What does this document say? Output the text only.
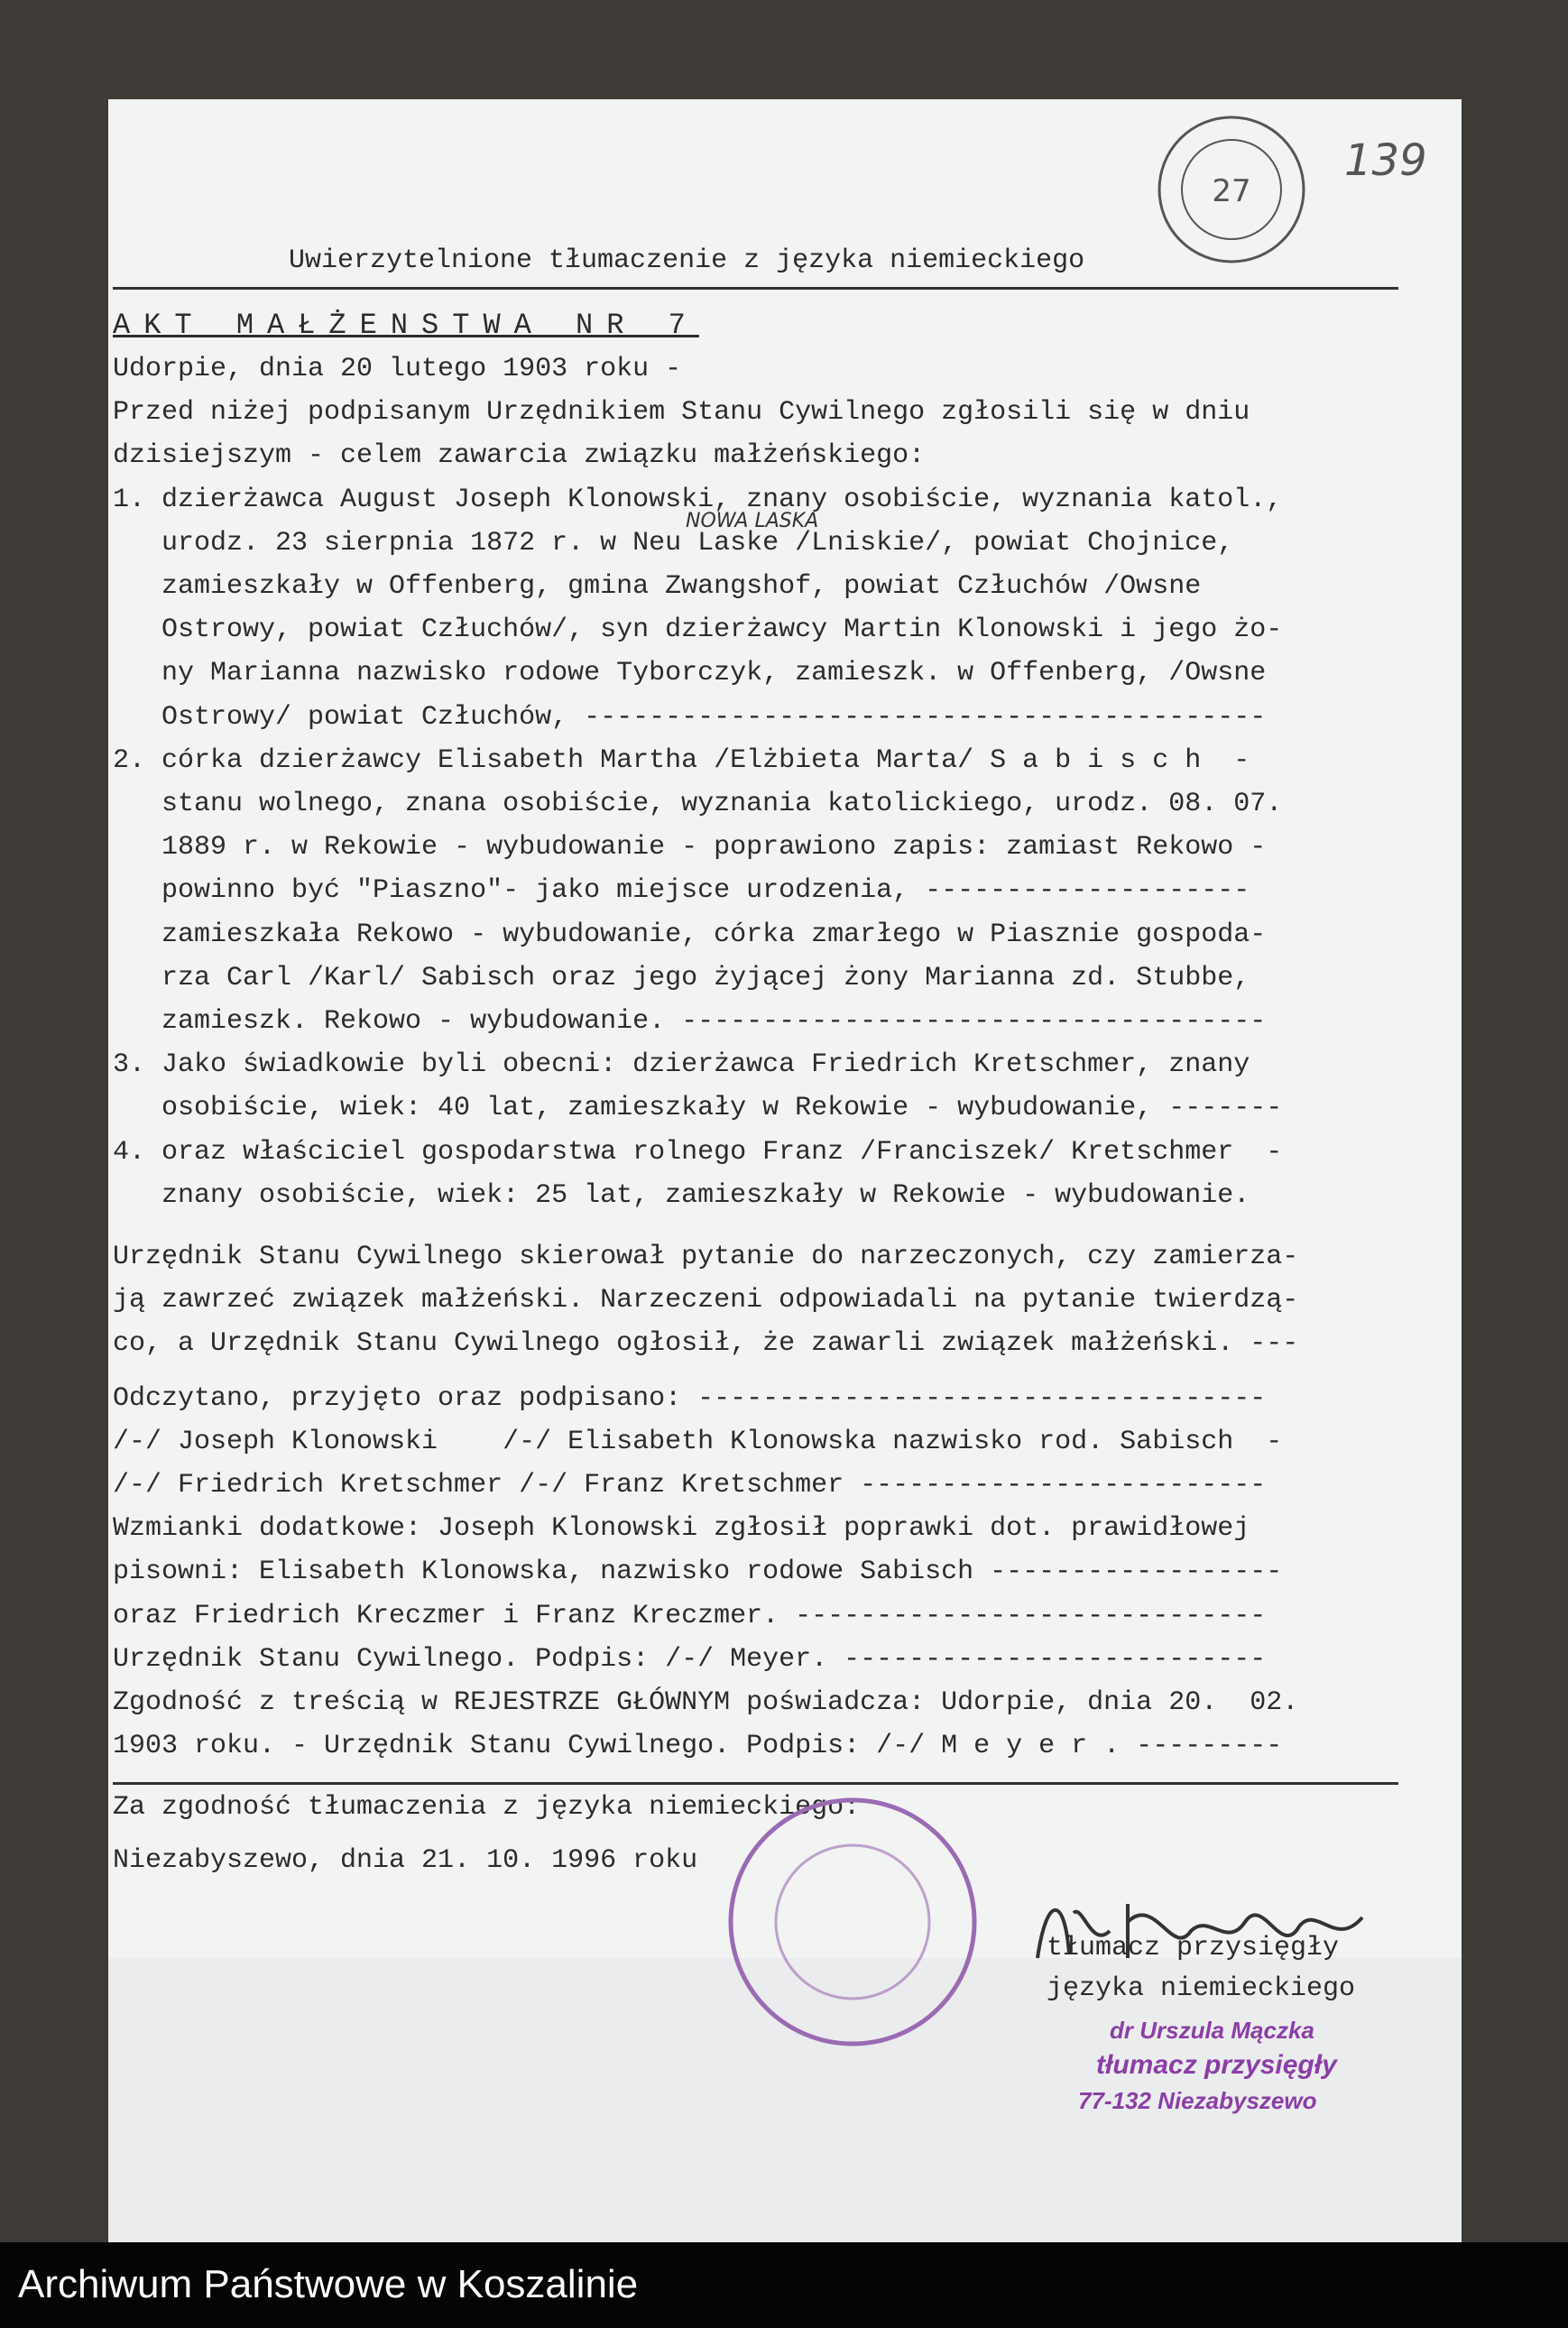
27
139
Uwierzytelnione tłumaczenie z języka niemieckiego
AKT MAŁŻENSTWA NR 7
Udorpie, dnia 20 lutego 1903 roku -
Przed niżej podpisanym Urzędnikiem Stanu Cywilnego zgłosili się w dniu
dzisiejszym - celem zawarcia związku małżeńskiego:
1. dzierżawca August Joseph Klonowski, znany osobiście, wyznania katol.,
urodz. 23 sierpnia 1872 r. w Neu Laske /Lniskie/, powiat Chojnice,
zamieszkały w Offenberg, gmina Zwangshof, powiat Człuchów /Owsne
Ostrowy, powiat Człuchów/, syn dzierżawcy Martin Klonowski i jego żo-
ny Marianna nazwisko rodowe Tyborczyk, zamieszk. w Offenberg, /Owsne
Ostrowy/ powiat Człuchów, ------------------------------------------
2. córka dzierżawcy Elisabeth Martha /Elżbieta Marta/ S a b i s c h  -
stanu wolnego, znana osobiście, wyznania katolickiego, urodz. 08. 07.
1889 r. w Rekowie - wybudowanie - poprawiono zapis: zamiast Rekowo -
powinno być "Piaszno"- jako miejsce urodzenia, --------------------
zamieszkała Rekowo - wybudowanie, córka zmarłego w Piasznie gospoda-
rza Carl /Karl/ Sabisch oraz jego żyjącej żony Marianna zd. Stubbe,
zamieszk. Rekowo - wybudowanie. ------------------------------------
3. Jako świadkowie byli obecni: dzierżawca Friedrich Kretschmer, znany
osobiście, wiek: 40 lat, zamieszkały w Rekowie - wybudowanie, -------
4. oraz właściciel gospodarstwa rolnego Franz /Franciszek/ Kretschmer  -
znany osobiście, wiek: 25 lat, zamieszkały w Rekowie - wybudowanie.
Urzędnik Stanu Cywilnego skierował pytanie do narzeczonych, czy zamierza-
ją zawrzeć związek małżeński. Narzeczeni odpowiadali na pytanie twierdzą-
co, a Urzędnik Stanu Cywilnego ogłosił, że zawarli związek małżeński. ---
Odczytano, przyjęto oraz podpisano: -----------------------------------
/-/ Joseph Klonowski    /-/ Elisabeth Klonowska nazwisko rod. Sabisch  -
/-/ Friedrich Kretschmer /-/ Franz Kretschmer -------------------------
Wzmianki dodatkowe: Joseph Klonowski zgłosił poprawki dot. prawidłowej
pisowni: Elisabeth Klonowska, nazwisko rodowe Sabisch ------------------
oraz Friedrich Kreczmer i Franz Kreczmer. -----------------------------
Urzędnik Stanu Cywilnego. Podpis: /-/ Meyer. --------------------------
Zgodność z treścią w REJESTRZE GŁÓWNYM poświadcza: Udorpie, dnia 20.  02.
1903 roku. - Urzędnik Stanu Cywilnego. Podpis: /-/ M e y e r . ---------
Za zgodność tłumaczenia z języka niemieckiego:
Niezabyszewo, dnia 21. 10. 1996 roku
NOWA LASKA
tłumacz przysięgły
języka niemieckiego
dr Urszula Mączka
tłumacz przysięgły
77-132 Niezabyszewo
Archiwum Państwowe w Koszalinie
